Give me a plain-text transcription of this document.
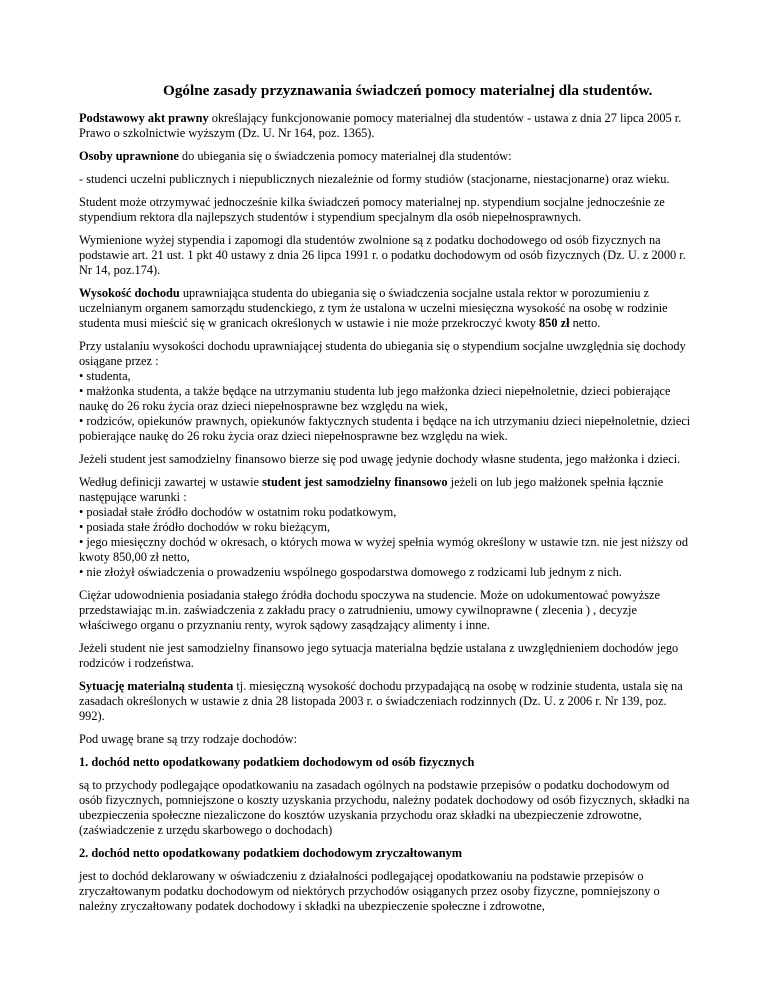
Ogólne zasady przyznawania świadczeń pomocy materialnej dla studentów.

Podstawowy akt prawny określający funkcjonowanie pomocy materialnej dla studentów - ustawa z dnia 27 lipca 2005 r. Prawo o szkolnictwie wyższym (Dz. U. Nr 164, poz. 1365).

Osoby uprawnione do ubiegania się o świadczenia pomocy materialnej dla studentów:

- studenci uczelni publicznych i niepublicznych niezależnie od formy studiów (stacjonarne, niestacjonarne) oraz wieku.

Student może otrzymywać jednocześnie kilka świadczeń pomocy materialnej np. stypendium socjalne jednocześnie ze stypendium rektora dla najlepszych studentów i stypendium specjalnym dla osób niepełnosprawnych.

Wymienione wyżej stypendia i zapomogi dla studentów zwolnione są z podatku dochodowego od osób fizycznych na podstawie art. 21 ust. 1 pkt 40 ustawy z dnia 26 lipca 1991 r. o podatku dochodowym od osób fizycznych (Dz. U. z 2000 r. Nr 14, poz.174).

Wysokość dochodu uprawniająca studenta do ubiegania się o świadczenia socjalne ustala rektor w porozumieniu z uczelnianym organem samorządu studenckiego, z tym że ustalona w uczelni miesięczna wysokość na osobę w rodzinie studenta musi mieścić się w granicach określonych w ustawie i nie może przekroczyć kwoty 850 zł netto.

Przy ustalaniu wysokości dochodu uprawniającej studenta do ubiegania się o stypendium socjalne uwzględnia się dochody osiągane przez :
• studenta,
• małżonka studenta, a także będące na utrzymaniu studenta lub jego małżonka dzieci niepełnoletnie, dzieci pobierające naukę do 26 roku życia oraz dzieci niepełnosprawne bez względu na wiek,
• rodziców, opiekunów prawnych, opiekunów faktycznych studenta i będące na ich utrzymaniu dzieci niepełnoletnie, dzieci pobierające naukę do 26 roku życia oraz dzieci niepełnosprawne bez względu na wiek.

Jeżeli student jest samodzielny finansowo bierze się pod uwagę jedynie dochody własne studenta, jego małżonka i dzieci.

Według definicji zawartej w ustawie student jest samodzielny finansowo jeżeli on lub jego małżonek spełnia łącznie następujące warunki :
• posiadał stałe źródło dochodów w ostatnim roku podatkowym,
• posiada stałe źródło dochodów w roku bieżącym,
• jego miesięczny dochód w okresach, o których mowa w wyżej spełnia wymóg określony w ustawie tzn. nie jest niższy od kwoty 850,00 zł netto,
• nie złożył oświadczenia o prowadzeniu wspólnego gospodarstwa domowego z rodzicami lub jednym z nich.

Ciężar udowodnienia posiadania stałego źródła dochodu spoczywa na studencie. Może on udokumentować powyższe przedstawiając m.in. zaświadczenia z zakładu pracy o zatrudnieniu, umowy cywilnoprawne ( zlecenia ) , decyzje właściwego organu o przyznaniu renty, wyrok sądowy zasądzający alimenty i inne.

Jeżeli student nie jest samodzielny finansowo jego sytuacja materialna będzie ustalana z uwzględnieniem dochodów jego rodziców i rodzeństwa.

Sytuację materialną studenta tj. miesięczną wysokość dochodu przypadającą na osobę w rodzinie studenta, ustala się na zasadach określonych w ustawie z dnia 28 listopada 2003 r. o świadczeniach rodzinnych (Dz. U. z 2006 r. Nr 139, poz. 992).

Pod uwagę brane są trzy rodzaje dochodów:

1. dochód netto opodatkowany podatkiem dochodowym od osób fizycznych

są to przychody podlegające opodatkowaniu na zasadach ogólnych na podstawie przepisów o podatku dochodowym od osób fizycznych, pomniejszone o koszty uzyskania przychodu, należny podatek dochodowy od osób fizycznych, składki na ubezpieczenia społeczne niezaliczone do kosztów uzyskania przychodu oraz składki na ubezpieczenie zdrowotne, (zaświadczenie z urzędu skarbowego o dochodach)

2. dochód netto opodatkowany podatkiem dochodowym zryczałtowanym

jest to dochód deklarowany w oświadczeniu z działalności podlegającej opodatkowaniu na podstawie przepisów o zryczałtowanym podatku dochodowym od niektórych przychodów osiąganych przez osoby fizyczne, pomniejszony o należny zryczałtowany podatek dochodowy i składki na ubezpieczenie społeczne i zdrowotne,
